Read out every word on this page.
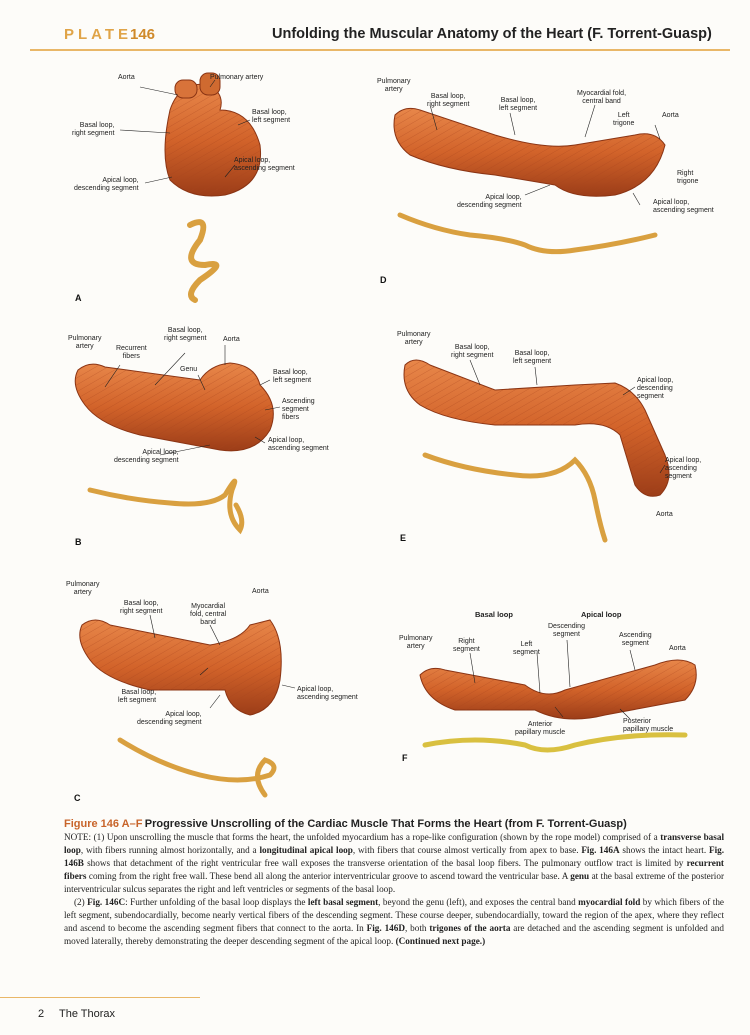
PLATE
146	Unfolding the Muscular Anatomy of the Heart (F. Torrent-Guasp)
Aorta	Pulmonary artery
Basal loop,
right segment
Basal loop,
left segment
Apical loop,
ascending segment
Apical loop,
descending segment
A
Pulmonary
artery
Basal loop,
right segment
Basal loop,
left segment
Myocardial fold,
central band
Left
trigone
Aorta
Right
trigone
Apical loop,
descending segment	Apical loop,
ascending segment
D
Pulmonary
artery	Recurrent
fibers
Basal loop,
right segment Aorta
Genu	Basal loop,
left segment
Ascending
segment
fibers
Apical loop,
ascending segment
Apical loop,
descending segment
B
Pulmonary
artery
Basal loop,
right segment	Basal loop,
left segment
Apical loop,
descending
segment
Apical loop,
ascending
segment
Aorta
E
Pulmonary
artery
Basal loop,
right segment
Myocardial
fold, central
band
Aorta
Basal loop,
left segment
Apical loop,
descending segment
Apical loop,
ascending segment
C
Basal loop	Apical loop
Pulmonary
artery
Right
segment
Left
segment
Descending
segment	Ascending
segment
Aorta
Anterior
papillary muscle
Posterior
papillary muscle
F
Figure 146 A–F Progressive Unscrolling of the Cardiac Muscle That Forms the Heart (from F. Torrent-Guasp)
NOTE: (1) Upon unscrolling the muscle that forms the heart, the unfolded myocardium has a rope-like configuration (shown by the rope model) comprised of a transverse basal loop, with fibers running almost horizontally, and a longitudinal apical loop, with fibers that course almost vertically from apex to base. Fig. 146A shows the intact heart. Fig. 146B shows that detachment of the right ventricular free wall exposes the transverse orientation of the basal loop fibers. The pulmonary outflow tract is limited by recurrent fibers coming from the right free wall. These bend all along the anterior interventricular groove to ascend toward the ventricular base. A genu at the basal extreme of the posterior interventricular sulcus separates the right and left ventricles or segments of the basal loop.
(2) Fig. 146C: Further unfolding of the basal loop displays the left basal segment, beyond the genu (left), and exposes the central band myocardial fold by which fibers of the left segment, subendocardially, become nearly vertical fibers of the descending segment. These course deeper, subendocardially, toward the region of the apex, where they reflect and ascend to become the ascending segment fibers that connect to the aorta. In Fig. 146D, both trigones of the aorta are detached and the ascending segment is unfolded and moved laterally, thereby demonstrating the deeper descending segment of the apical loop. (Continued next page.)
2 The Thorax
